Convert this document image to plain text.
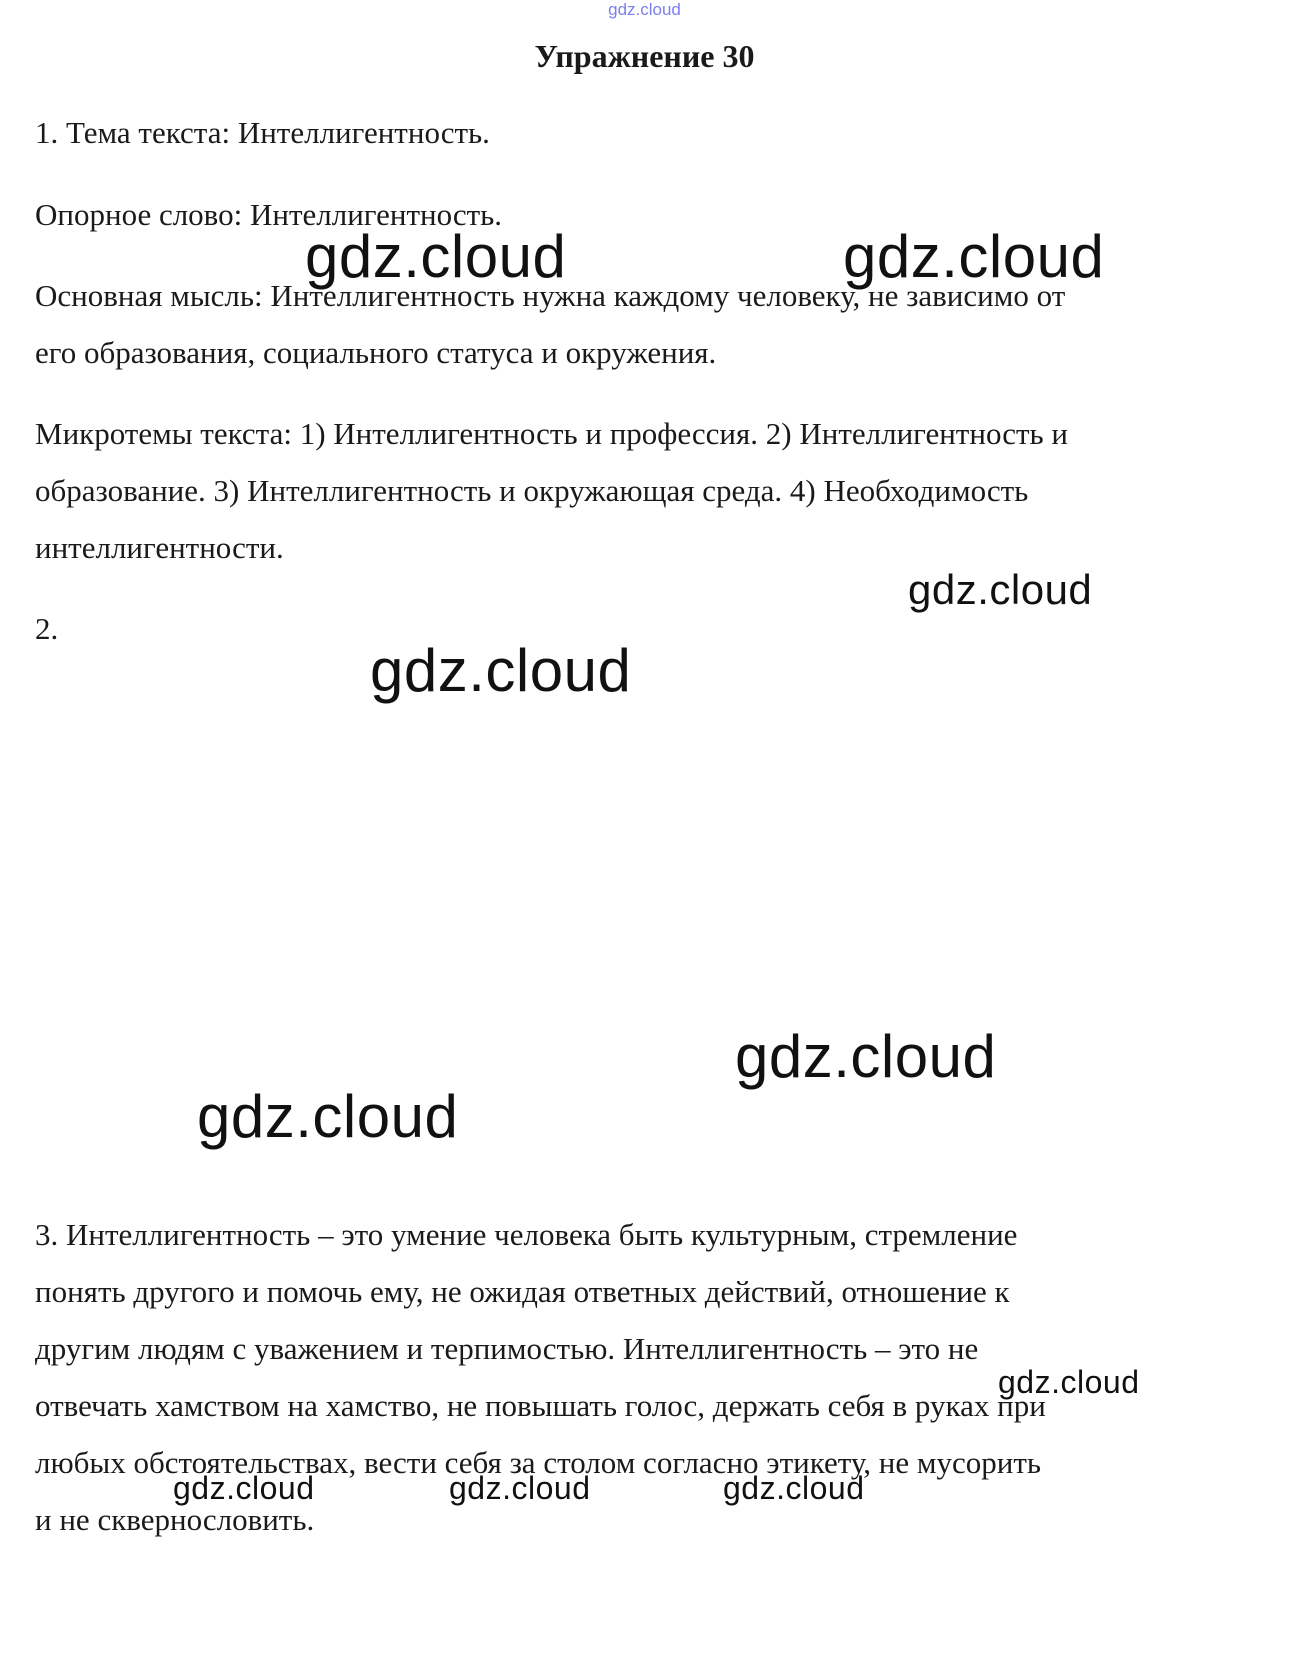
gdz.cloud
Упражнение 30
1. Тема текста: Интеллигентность.
Опорное слово: Интеллигентность.
Основная мысль: Интеллигентность нужна каждому человеку, не зависимо от
его образования, социального статуса и окружения.
Микротемы текста: 1) Интеллигентность и профессия. 2) Интеллигентность и
образование. 3) Интеллигентность и окружающая среда. 4) Необходимость
интеллигентности.
2.
3. Интеллигентность – это умение человека быть культурным, стремление
понять другого и помочь ему, не ожидая ответных действий, отношение к
другим людям с уважением и терпимостью. Интеллигентность – это не
отвечать хамством на хамство, не повышать голос, держать себя в руках при
любых обстоятельствах, вести себя за столом согласно этикету, не мусорить
и не сквернословить.
gdz.cloud	gdz.cloud
gdz.cloud
gdz.cloud
gdz.cloud
gdz.cloud
gdz.cloud
gdz.cloud	gdz.cloud	gdz.cloud
